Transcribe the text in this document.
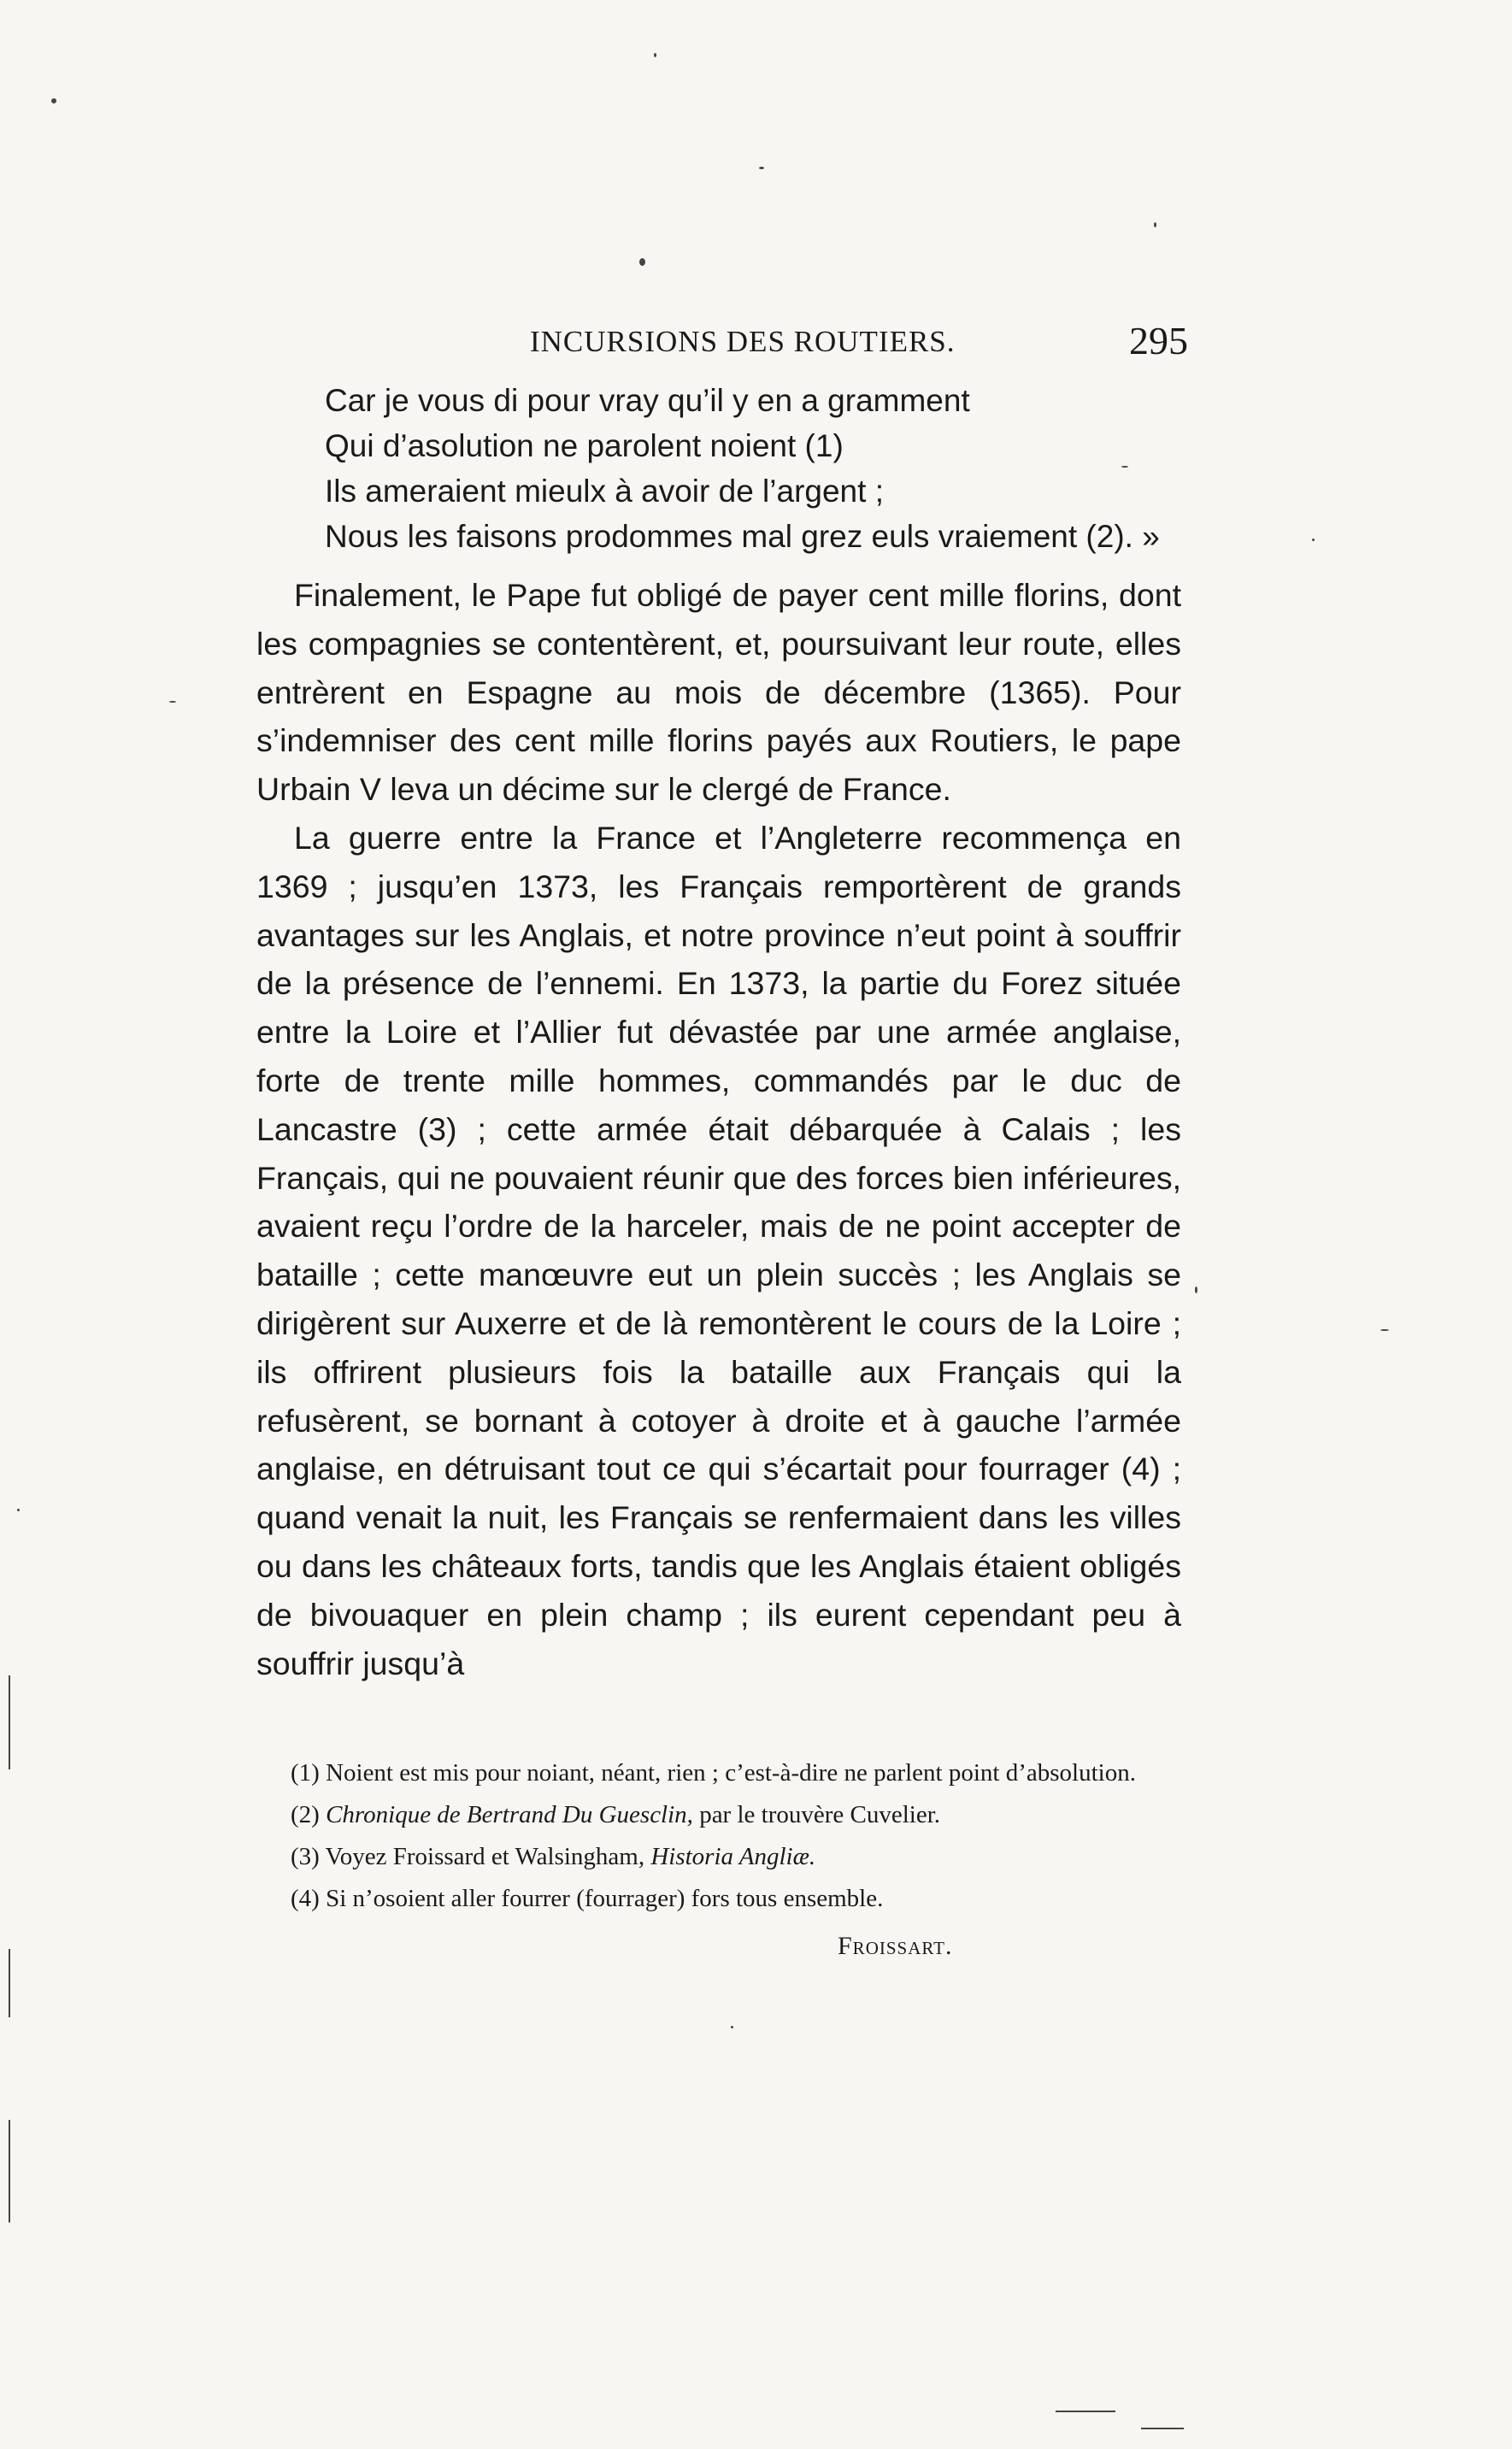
INCURSIONS DES ROUTIERS.	295
Car je vous di pour vray qu’il y en a gramment
Qui d’asolution ne parolent noient (1)
Ils ameraient mieulx à avoir de l’argent ;
Nous les faisons prodommes mal grez euls vraiement (2). »

Finalement, le Pape fut obligé de payer cent mille florins, dont les compagnies se contentèrent, et, poursuivant leur route, elles entrèrent en Espagne au mois de décembre (1365). Pour s’indemniser des cent mille florins payés aux Routiers, le pape Urbain V leva un décime sur le clergé de France.

La guerre entre la France et l’Angleterre recommença en 1369 ; jusqu’en 1373, les Français remportèrent de grands avantages sur les Anglais, et notre province n’eut point à souffrir de la présence de l’ennemi. En 1373, la partie du Forez située entre la Loire et l’Allier fut dévastée par une armée anglaise, forte de trente mille hommes, commandés par le duc de Lancastre (3) ; cette armée était débarquée à Calais ; les Français, qui ne pouvaient réunir que des forces bien inférieures, avaient reçu l’ordre de la harceler, mais de ne point accepter de bataille ; cette manœuvre eut un plein succès ; les Anglais se dirigèrent sur Auxerre et de là remontèrent le cours de la Loire ; ils offrirent plusieurs fois la bataille aux Français qui la refusèrent, se bornant à cotoyer à droite et à gauche l’armée anglaise, en détruisant tout ce qui s’écartait pour fourrager (4) ; quand venait la nuit, les Français se renfermaient dans les villes ou dans les châteaux forts, tandis que les Anglais étaient obligés de bivouaquer en plein champ ; ils eurent cependant peu à souffrir jusqu’à

(1) Noient est mis pour noiant, néant, rien ; c’est-à-dire ne parlent point d’absolution.

(2) Chronique de Bertrand Du Guesclin, par le trouvère Cuvelier.

(3) Voyez Froissard et Walsingham, Historia Angliæ.

(4) Si n’osoient aller fourrer (fourrager) fors tous ensemble.

Froissart.
